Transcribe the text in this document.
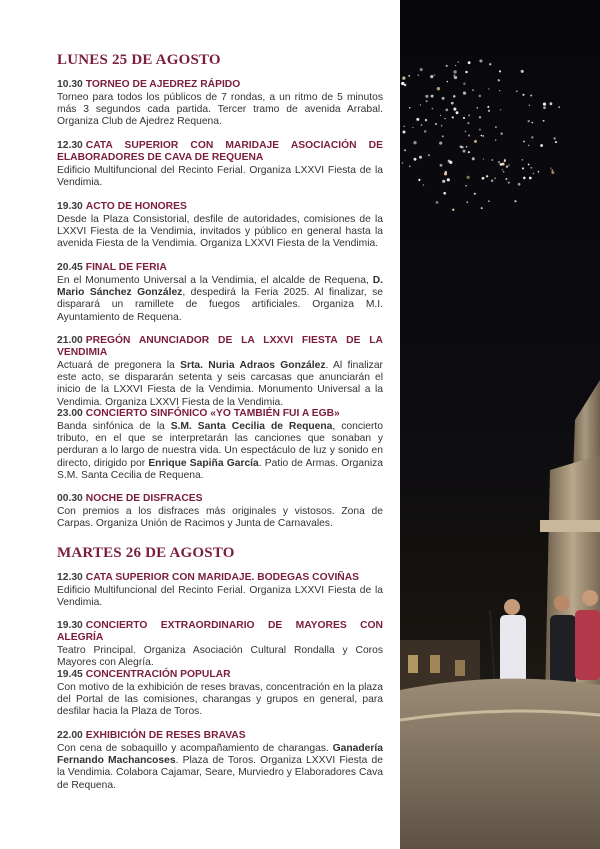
LUNES 25 DE AGOSTO
10.30 TORNEO DE AJEDREZ RÁPIDO
Torneo para todos los públicos de 7 rondas, a un ritmo de 5 minutos más 3 segundos cada partida. Tercer tramo de avenida Arrabal. Organiza Club de Ajedrez Requena.
12.30 CATA SUPERIOR CON MARIDAJE ASOCIACIÓN DE ELABORADORES DE CAVA DE REQUENA
Edificio Multifuncional del Recinto Ferial. Organiza LXXVI Fiesta de la Vendimia.
19.30 ACTO DE HONORES
Desde la Plaza Consistorial, desfile de autoridades, comisiones de la LXXVI Fiesta de la Vendimia, invitados y público en general hasta la avenida Fiesta de la Vendimia. Organiza LXXVI Fiesta de la Vendimia.
20.45 FINAL DE FERIA
En el Monumento Universal a la Vendimia, el alcalde de Requena, D. Mario Sánchez González, despedirá la Feria 2025. Al finalizar, se disparará un ramillete de fuegos artificiales. Organiza M.I. Ayuntamiento de Requena.
21.00 PREGÓN ANUNCIADOR DE LA LXXVI FIESTA DE LA VENDIMIA
Actuará de pregonera la Srta. Nuria Adraos González. Al finalizar este acto, se dispararán setenta y seis carcasas que anunciarán el inicio de la LXXVI Fiesta de la Vendimia. Monumento Universal a la Vendimia. Organiza LXXVI Fiesta de la Vendimia.
23.00 CONCIERTO SINFÓNICO «YO TAMBIÉN FUI A EGB»
Banda sinfónica de la S.M. Santa Cecilia de Requena, concierto tributo, en el que se interpretarán las canciones que sonaban y perduran a lo largo de nuestra vida. Un espectáculo de luz y sonido en directo, dirigido por Enrique Sapiña García. Patio de Armas. Organiza S.M. Santa Cecilia de Requena.
00.30 NOCHE DE DISFRACES
Con premios a los disfraces más originales y vistosos. Zona de Carpas. Organiza Unión de Racimos y Junta de Carnavales.
MARTES 26 DE AGOSTO
12.30 CATA SUPERIOR CON MARIDAJE. BODEGAS COVIÑAS
Edificio Multifuncional del Recinto Ferial. Organiza LXXVI Fiesta de la Vendimia.
19.30 CONCIERTO EXTRAORDINARIO DE MAYORES CON ALEGRÍA
Teatro Principal. Organiza Asociación Cultural Rondalla y Coros Mayores con Alegría.
19.45 CONCENTRACIÓN POPULAR
Con motivo de la exhibición de reses bravas, concentración en la plaza del Portal de las comisiones, charangas y grupos en general, para desfilar hacia la Plaza de Toros.
22.00 EXHIBICIÓN DE RESES BRAVAS
Con cena de sobaquillo y acompañamiento de charangas. Ganadería Fernando Machancoses. Plaza de Toros. Organiza LXXVI Fiesta de la Vendimia. Colabora Cajamar, Seare, Murviedro y Elaboradores Cava de Requena.
